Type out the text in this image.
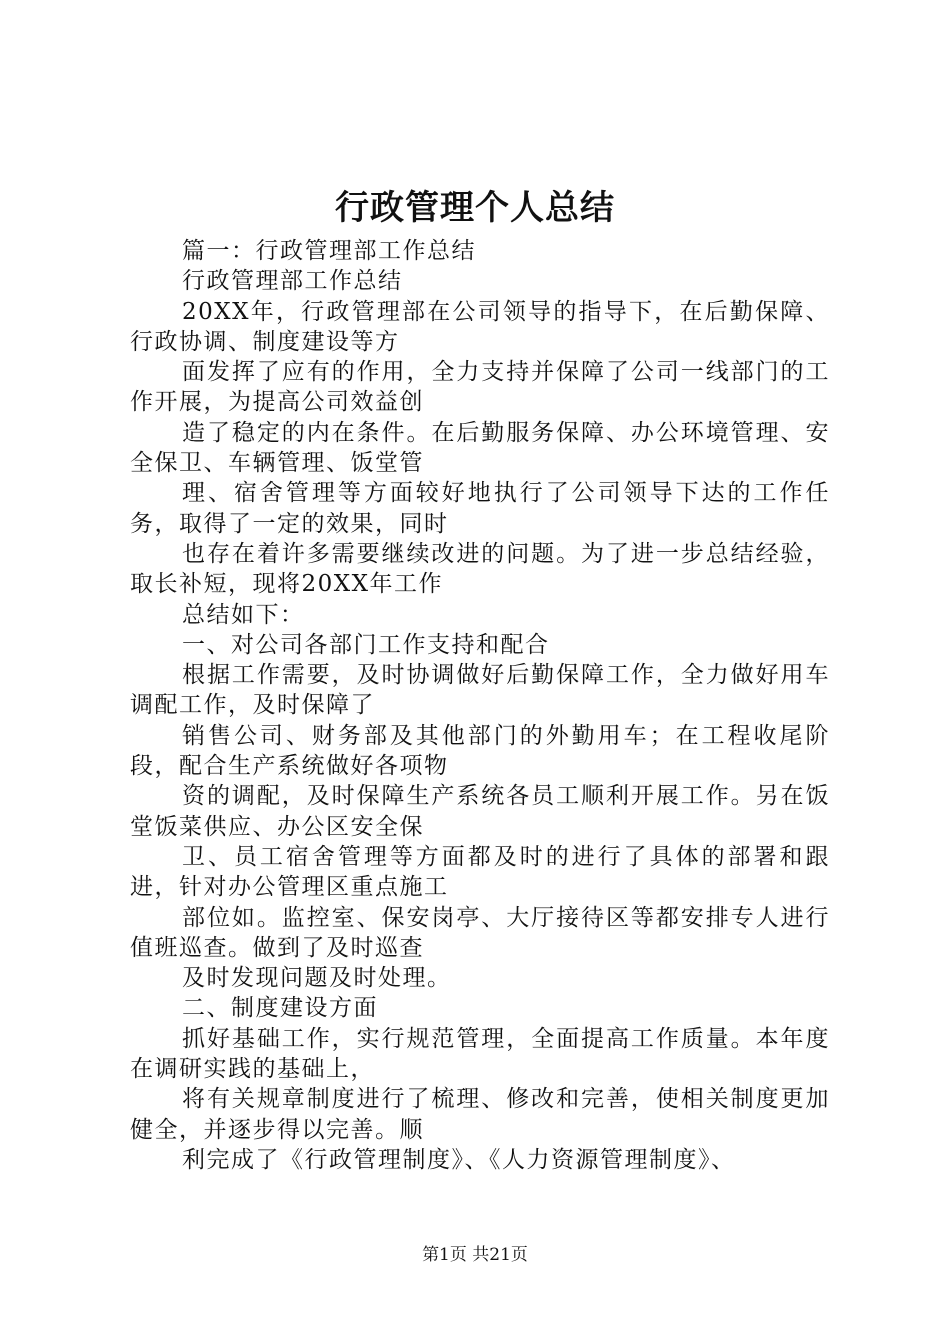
行政管理个人总结

篇一：行政管理部工作总结

行政管理部工作总结

20XX年，行政管理部在公司领导的指导下，在后勤保障、行政协调、制度建设等方

面发挥了应有的作用，全力支持并保障了公司一线部门的工作开展，为提高公司效益创

造了稳定的内在条件。在后勤服务保障、办公环境管理、安全保卫、车辆管理、饭堂管

理、宿舍管理等方面较好地执行了公司领导下达的工作任务，取得了一定的效果，同时

也存在着许多需要继续改进的问题。为了进一步总结经验，取长补短，现将20XX年工作

总结如下：

一、对公司各部门工作支持和配合

根据工作需要，及时协调做好后勤保障工作，全力做好用车调配工作，及时保障了

销售公司、财务部及其他部门的外勤用车；在工程收尾阶段，配合生产系统做好各项物

资的调配，及时保障生产系统各员工顺利开展工作。另在饭堂饭菜供应、办公区安全保

卫、员工宿舍管理等方面都及时的进行了具体的部署和跟进，针对办公管理区重点施工

部位如。监控室、保安岗亭、大厅接待区等都安排专人进行值班巡查。做到了及时巡查

及时发现问题及时处理。

二、制度建设方面

抓好基础工作，实行规范管理，全面提高工作质量。本年度在调研实践的基础上，

将有关规章制度进行了梳理、修改和完善，使相关制度更加健全，并逐步得以完善。顺

利完成了《行政管理制度》、《人力资源管理制度》、

第1页 共21页
